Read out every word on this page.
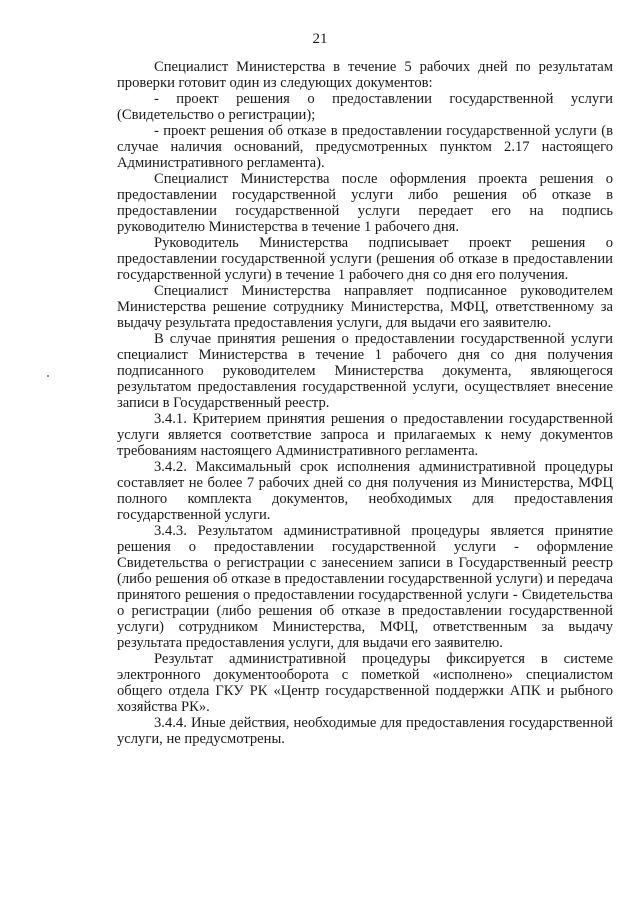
21

Специалист Министерства в течение 5 рабочих дней по результатам проверки готовит один из следующих документов:

- проект решения о предоставлении государственной услуги (Свидетельство о регистрации);

- проект решения об отказе в предоставлении государственной услуги (в случае наличия оснований, предусмотренных пунктом 2.17 настоящего Административного регламента).

Специалист Министерства после оформления проекта решения о предоставлении государственной услуги либо решения об отказе в предоставлении государственной услуги передает его на подпись руководителю Министерства в течение 1 рабочего дня.

Руководитель Министерства подписывает проект решения о предоставлении государственной услуги (решения об отказе в предоставлении государственной услуги) в течение 1 рабочего дня со дня его получения.

Специалист Министерства направляет подписанное руководителем Министерства решение сотруднику Министерства, МФЦ, ответственному за выдачу результата предоставления услуги, для выдачи его заявителю.

В случае принятия решения о предоставлении государственной услуги специалист Министерства в течение 1 рабочего дня со дня получения подписанного руководителем Министерства документа, являющегося результатом предоставления государственной услуги, осуществляет внесение записи в Государственный реестр.

3.4.1. Критерием принятия решения о предоставлении государственной услуги является соответствие запроса и прилагаемых к нему документов требованиям настоящего Административного регламента.

3.4.2. Максимальный срок исполнения административной процедуры составляет не более 7 рабочих дней со дня получения из Министерства, МФЦ полного комплекта документов, необходимых для предоставления государственной услуги.

3.4.3. Результатом административной процедуры является принятие решения о предоставлении государственной услуги - оформление Свидетельства о регистрации с занесением записи в Государственный реестр (либо решения об отказе в предоставлении государственной услуги) и передача принятого решения о предоставлении государственной услуги - Свидетельства о регистрации (либо решения об отказе в предоставлении государственной услуги) сотрудником Министерства, МФЦ, ответственным за выдачу результата предоставления услуги, для выдачи его заявителю.

Результат административной процедуры фиксируется в системе электронного документооборота с пометкой «исполнено» специалистом общего отдела ГКУ РК «Центр государственной поддержки АПК и рыбного хозяйства РК».

3.4.4. Иные действия, необходимые для предоставления государственной услуги, не предусмотрены.
